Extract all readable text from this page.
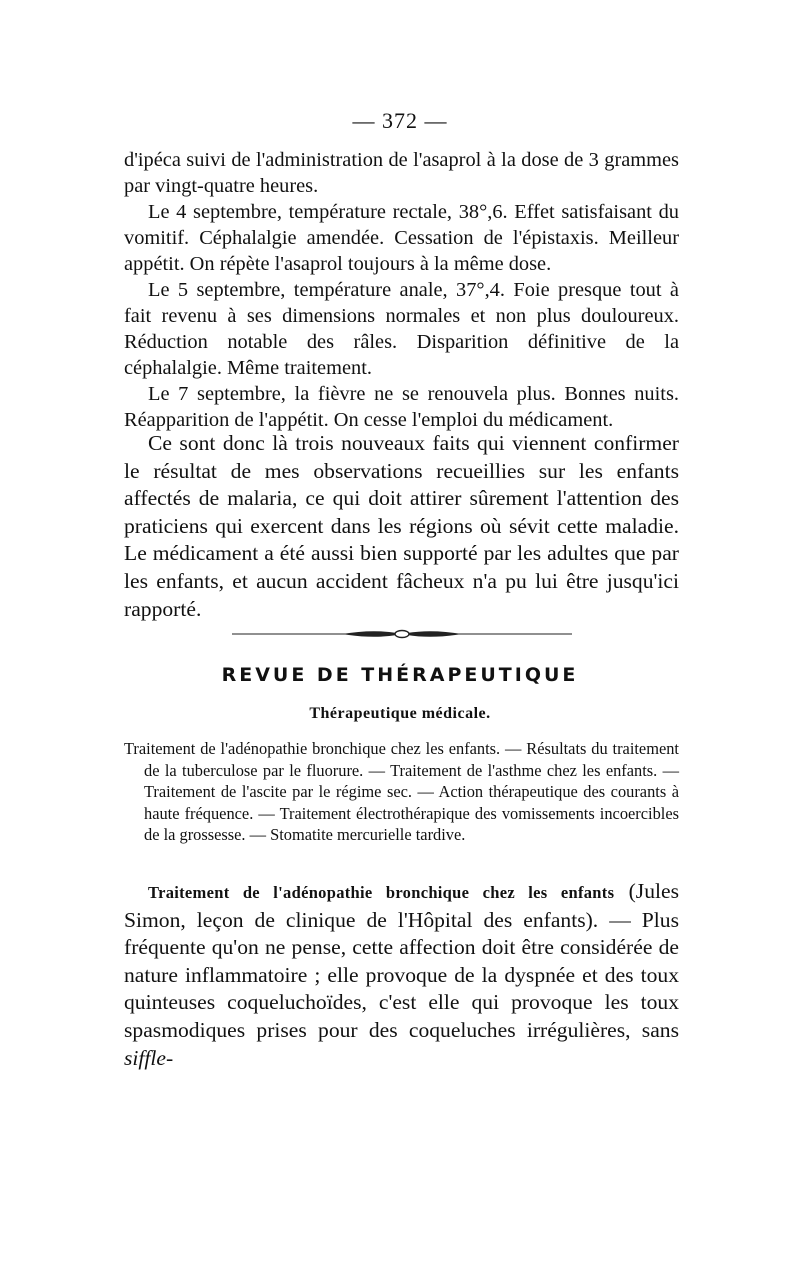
— 372 —

d'ipéca suivi de l'administration de l'asaprol à la dose de 3 grammes par vingt-quatre heures.

Le 4 septembre, température rectale, 38°,6. Effet satisfaisant du vomitif. Céphalalgie amendée. Cessation de l'épistaxis. Meilleur appétit. On répète l'asaprol toujours à la même dose.

Le 5 septembre, température anale, 37°,4. Foie presque tout à fait revenu à ses dimensions normales et non plus douloureux. Réduction notable des râles. Disparition définitive de la céphalalgie. Même traitement.

Le 7 septembre, la fièvre ne se renouvela plus. Bonnes nuits. Réapparition de l'appétit. On cesse l'emploi du médicament.

Ce sont donc là trois nouveaux faits qui viennent confirmer le résultat de mes observations recueillies sur les enfants affectés de malaria, ce qui doit attirer sûrement l'attention des praticiens qui exercent dans les régions où sévit cette maladie. Le médicament a été aussi bien supporté par les adultes que par les enfants, et aucun accident fâcheux n'a pu lui être jusqu'ici rapporté.

REVUE DE THÉRAPEUTIQUE
Thérapeutique médicale.

Traitement de l'adénopathie bronchique chez les enfants. — Résultats du traitement de la tuberculose par le fluorure. — Traitement de l'asthme chez les enfants. — Traitement de l'ascite par le régime sec. — Action thérapeutique des courants à haute fréquence. — Traitement électrothérapique des vomissements incoercibles de la grossesse. — Stomatite mercurielle tardive.

Traitement de l'adénopathie bronchique chez les enfants (Jules Simon, leçon de clinique de l'Hôpital des enfants). — Plus fréquente qu'on ne pense, cette affection doit être considérée de nature inflammatoire ; elle provoque de la dyspnée et des toux quinteuses coqueluchoïdes, c'est elle qui provoque les toux spasmodiques prises pour des coqueluches irrégulières, sans siffle-
